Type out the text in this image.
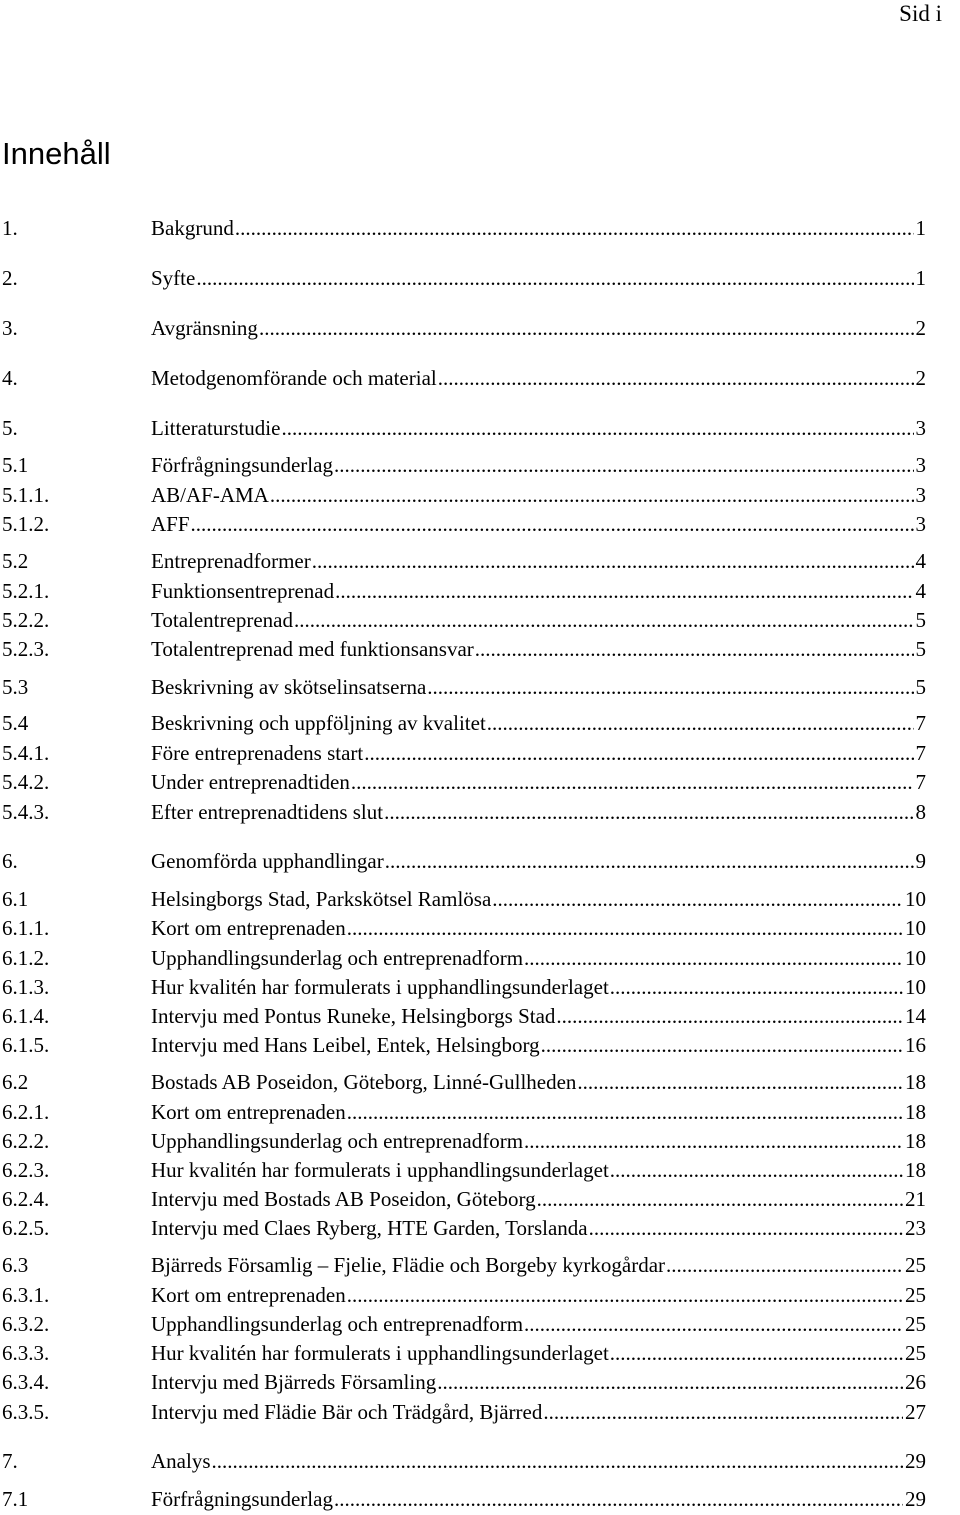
Sid i
Innehåll
1.	Bakgrund .....	1
2.	Syfte .....	1
3.	Avgränsning .....	2
4.	Metodgenomförande och material .....	2
5.	Litteraturstudie .....	3
5.1	Förfrågningsunderlag .....	3
5.1.1.	AB/AF-AMA .....	3
5.1.2.	AFF .....	3
5.2	Entreprenadformer .....	4
5.2.1.	Funktionsentreprenad .....	4
5.2.2.	Totalentreprenad .....	5
5.2.3.	Totalentreprenad med funktionsansvar .....	5
5.3	Beskrivning av skötselinsatserna .....	5
5.4	Beskrivning och uppföljning av kvalitet .....	7
5.4.1.	Före entreprenadens start .....	7
5.4.2.	Under entreprenadtiden .....	7
5.4.3.	Efter entreprenadtidens slut .....	8
6.	Genomförda upphandlingar .....	9
6.1	Helsingborgs Stad, Parkskötsel Ramlösa .....	10
6.1.1.	Kort om entreprenaden .....	10
6.1.2.	Upphandlingsunderlag och entreprenadform .....	10
6.1.3.	Hur kvalitén har formulerats i upphandlingsunderlaget .....	10
6.1.4.	Intervju med Pontus Runeke, Helsingborgs Stad .....	14
6.1.5.	Intervju med Hans Leibel, Entek, Helsingborg .....	16
6.2	Bostads AB Poseidon, Göteborg, Linné-Gullheden .....	18
6.2.1.	Kort om entreprenaden .....	18
6.2.2.	Upphandlingsunderlag och entreprenadform .....	18
6.2.3.	Hur kvalitén har formulerats i upphandlingsunderlaget .....	18
6.2.4.	Intervju med Bostads AB Poseidon, Göteborg .....	21
6.2.5.	Intervju med Claes Ryberg, HTE Garden, Torslanda .....	23
6.3	Bjärreds Församlig – Fjelie, Flädie och Borgeby kyrkogårdar .....	25
6.3.1.	Kort om entreprenaden .....	25
6.3.2.	Upphandlingsunderlag och entreprenadform .....	25
6.3.3.	Hur kvalitén har formulerats i upphandlingsunderlaget .....	25
6.3.4.	Intervju med Bjärreds Församling .....	26
6.3.5.	Intervju med Flädie Bär och Trädgård, Bjärred .....	27
7.	Analys .....	29
7.1	Förfrågningsunderlag .....	29
